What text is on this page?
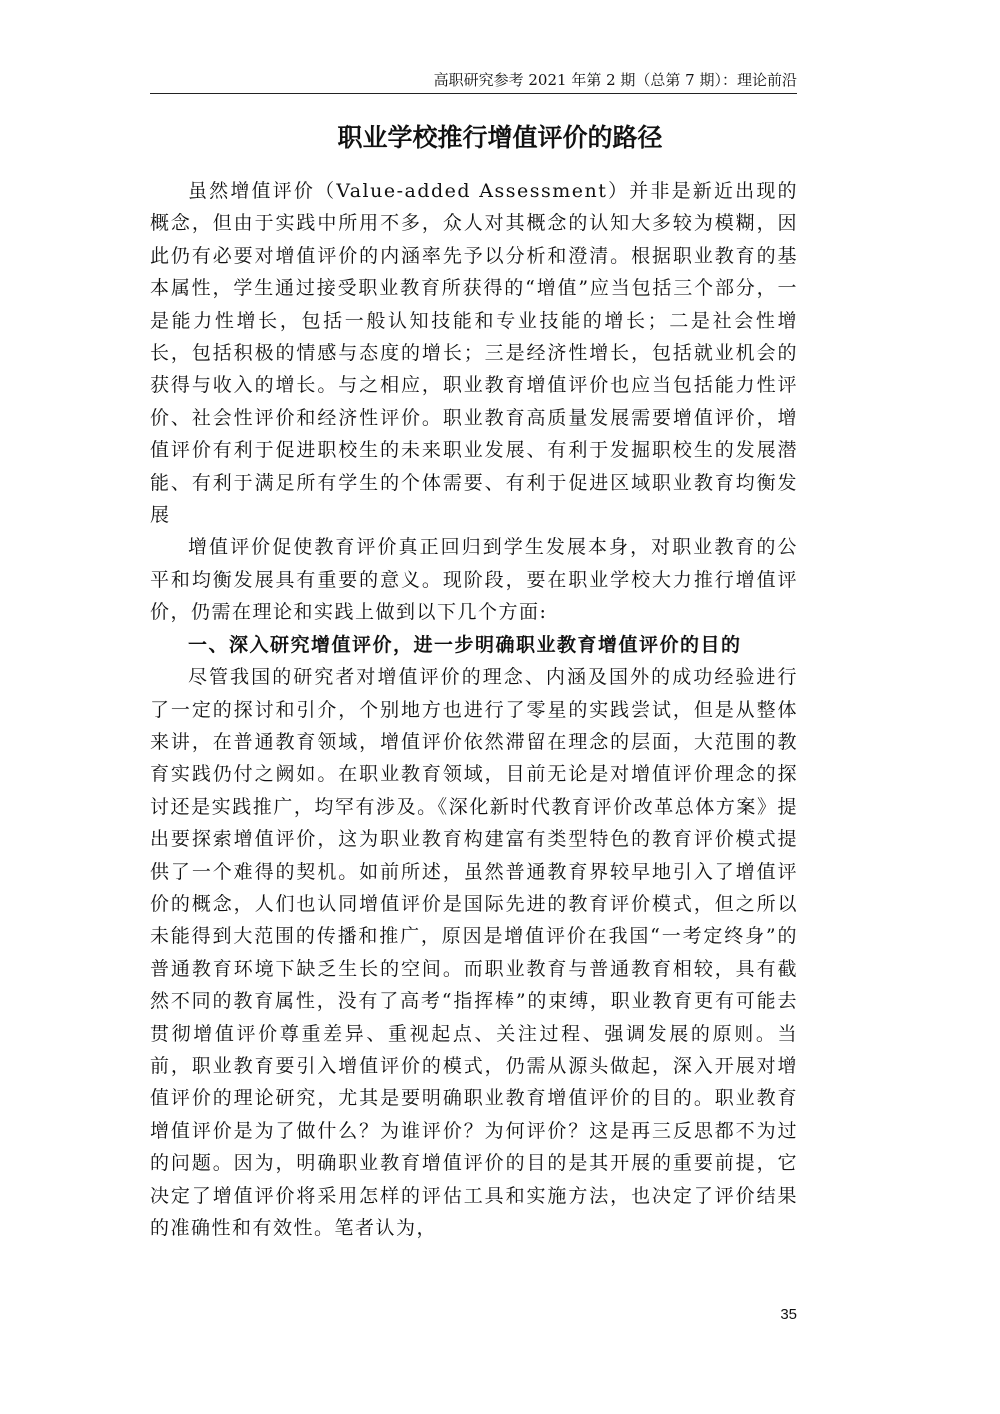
高职研究参考 2021 年第 2 期（总第 7 期）：理论前沿
职业学校推行增值评价的路径

虽然增值评价（Value-added Assessment）并非是新近出现的概念，但由于实践中所用不多，众人对其概念的认知大多较为模糊，因此仍有必要对增值评价的内涵率先予以分析和澄清。根据职业教育的基本属性，学生通过接受职业教育所获得的“增值”应当包括三个部分，一是能力性增长，包括一般认知技能和专业技能的增长；二是社会性增长，包括积极的情感与态度的增长；三是经济性增长，包括就业机会的获得与收入的增长。与之相应，职业教育增值评价也应当包括能力性评价、社会性评价和经济性评价。职业教育高质量发展需要增值评价，增值评价有利于促进职校生的未来职业发展、有利于发掘职校生的发展潜能、有利于满足所有学生的个体需要、有利于促进区域职业教育均衡发展

增值评价促使教育评价真正回归到学生发展本身，对职业教育的公平和均衡发展具有重要的意义。现阶段，要在职业学校大力推行增值评价，仍需在理论和实践上做到以下几个方面:

一、深入研究增值评价，进一步明确职业教育增值评价的目的

尽管我国的研究者对增值评价的理念、内涵及国外的成功经验进行了一定的探讨和引介，个别地方也进行了零星的实践尝试，但是从整体来讲，在普通教育领域，增值评价依然滞留在理念的层面，大范围的教育实践仍付之阙如。在职业教育领域，目前无论是对增值评价理念的探讨还是实践推广，均罕有涉及。《深化新时代教育评价改革总体方案》提出要探索增值评价，这为职业教育构建富有类型特色的教育评价模式提供了一个难得的契机。如前所述，虽然普通教育界较早地引入了增值评价的概念，人们也认同增值评价是国际先进的教育评价模式，但之所以未能得到大范围的传播和推广，原因是增值评价在我国“一考定终身”的普通教育环境下缺乏生长的空间。而职业教育与普通教育相较，具有截然不同的教育属性，没有了高考“指挥棒”的束缚，职业教育更有可能去贯彻增值评价尊重差异、重视起点、关注过程、强调发展的原则。当前，职业教育要引入增值评价的模式，仍需从源头做起，深入开展对增值评价的理论研究，尤其是要明确职业教育增值评价的目的。职业教育增值评价是为了做什么？为谁评价？为何评价？这是再三反思都不为过的问题。因为，明确职业教育增值评价的目的是其开展的重要前提，它决定了增值评价将采用怎样的评估工具和实施方法，也决定了评价结果的准确性和有效性。笔者认为，

35
